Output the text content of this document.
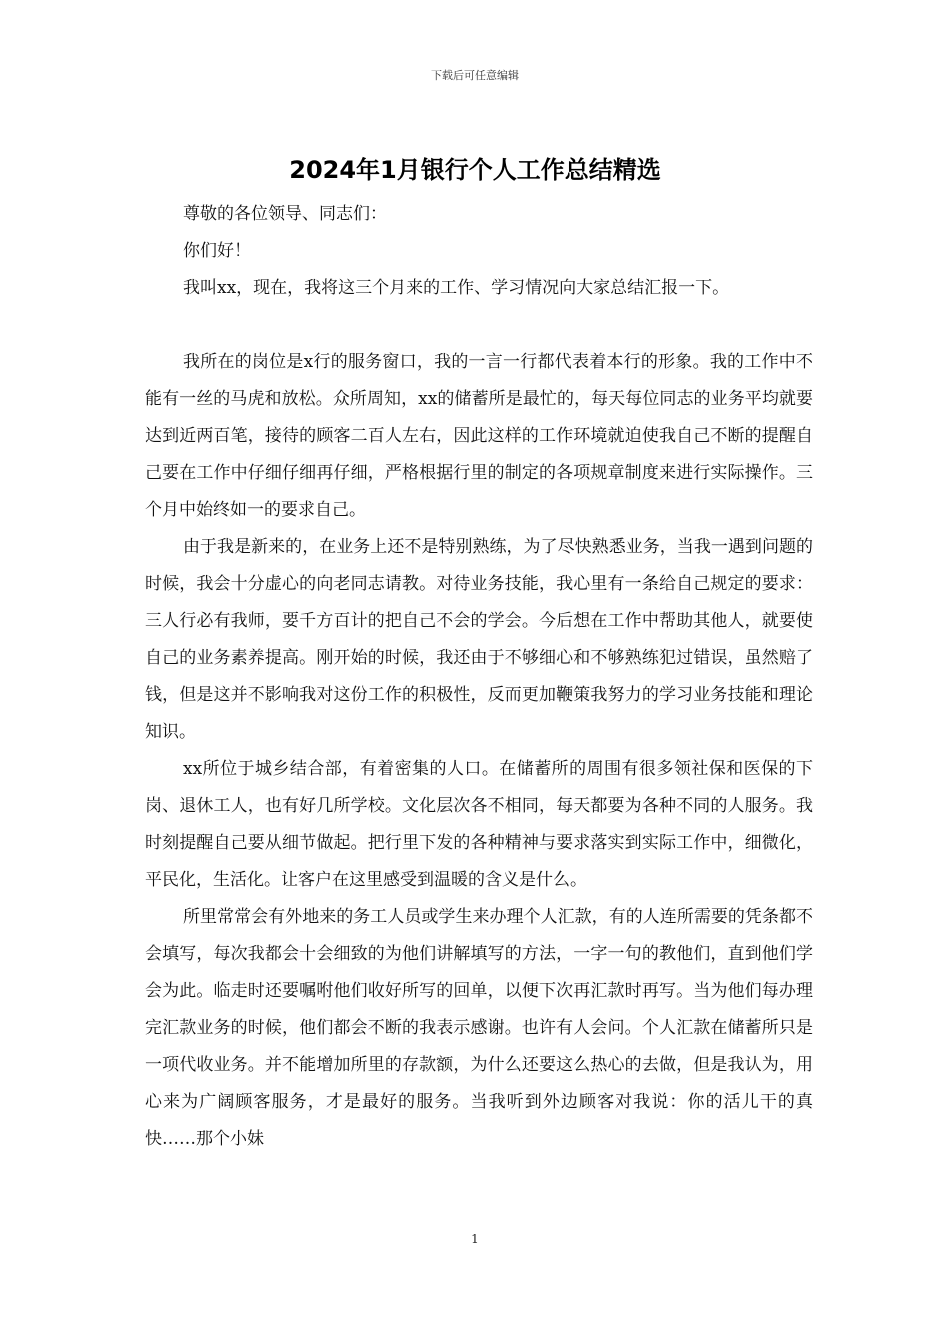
下载后可任意编辑
2024年1月银行个人工作总结精选

尊敬的各位领导、同志们：

你们好！

我叫xx，现在，我将这三个月来的工作、学习情况向大家总结汇报一下。

我所在的岗位是x行的服务窗口，我的一言一行都代表着本行的形象。我的工作中不能有一丝的马虎和放松。众所周知，xx的储蓄所是最忙的，每天每位同志的业务平均就要达到近两百笔，接待的顾客二百人左右，因此这样的工作环境就迫使我自己不断的提醒自己要在工作中仔细仔细再仔细，严格根据行里的制定的各项规章制度来进行实际操作。三个月中始终如一的要求自己。

由于我是新来的，在业务上还不是特别熟练，为了尽快熟悉业务，当我一遇到问题的时候，我会十分虚心的向老同志请教。对待业务技能，我心里有一条给自己规定的要求：三人行必有我师，要千方百计的把自己不会的学会。今后想在工作中帮助其他人，就要使自己的业务素养提高。刚开始的时候，我还由于不够细心和不够熟练犯过错误，虽然赔了钱，但是这并不影响我对这份工作的积极性，反而更加鞭策我努力的学习业务技能和理论知识。

xx所位于城乡结合部，有着密集的人口。在储蓄所的周围有很多领社保和医保的下岗、退休工人，也有好几所学校。文化层次各不相同，每天都要为各种不同的人服务。我时刻提醒自己要从细节做起。把行里下发的各种精神与要求落实到实际工作中，细微化，平民化，生活化。让客户在这里感受到温暖的含义是什么。

所里常常会有外地来的务工人员或学生来办理个人汇款，有的人连所需要的凭条都不会填写，每次我都会十会细致的为他们讲解填写的方法，一字一句的教他们，直到他们学会为此。临走时还要嘱咐他们收好所写的回单，以便下次再汇款时再写。当为他们每办理完汇款业务的时候，他们都会不断的我表示感谢。也许有人会问。个人汇款在储蓄所只是一项代收业务。并不能增加所里的存款额，为什么还要这么热心的去做，但是我认为，用心来为广阔顾客服务，才是最好的服务。当我听到外边顾客对我说：你的活儿干的真快……那个小妹

1
